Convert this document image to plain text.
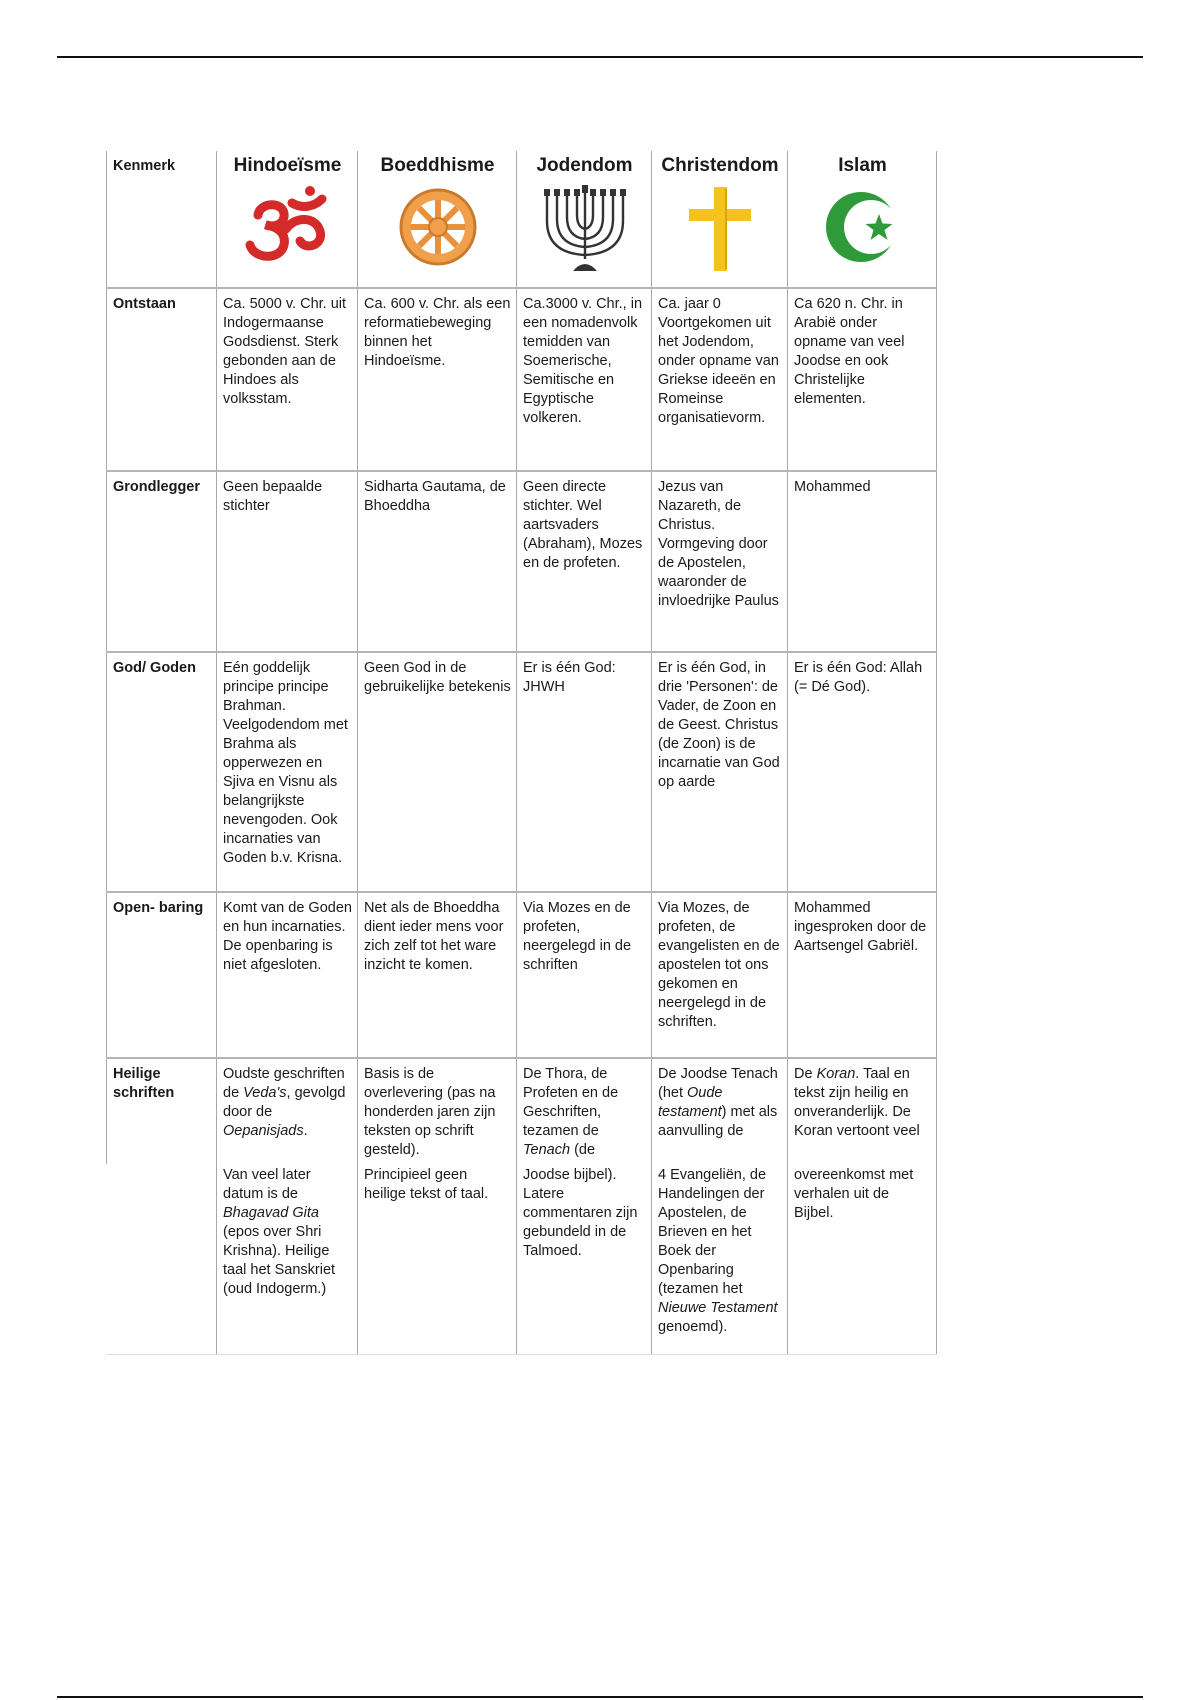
Kenmerk	Hindoeïsme	Boeddhisme	Jodendom	Christendom	Islam

Ontstaan	Ca. 5000 v. Chr. uit Indogermaanse Godsdienst. Sterk gebonden aan de Hindoes als volksstam.	Ca. 600 v. Chr. als een reformatiebeweging binnen het Hindoeïsme.	Ca.3000 v. Chr., in een nomadenvolk temidden van Soemerische, Semitische en Egyptische volkeren.	Ca. jaar 0 Voortgekomen uit het Jodendom, onder opname van Griekse ideeën en Romeinse organisatievorm.	Ca 620 n. Chr. in Arabië onder opname van veel Joodse en ook Christelijke elementen.
Grondlegger	Geen bepaalde stichter	Sidharta Gautama, de Bhoeddha	Geen directe stichter. Wel aartsvaders (Abraham), Mozes en de profeten.	Jezus van Nazareth, de Christus. Vormgeving door de Apostelen, waaronder de invloedrijke Paulus	Mohammed
God/ Goden	Eén goddelijk principe principe Brahman. Veelgodendom met Brahma als opperwezen en Sjiva en Visnu als belangrijkste nevengoden. Ook incarnaties van Goden b.v. Krisna.	Geen God in de gebruikelijke betekenis	Er is één God: JHWH	Er is één God, in drie 'Personen': de Vader, de Zoon en de Geest. Christus (de Zoon) is de incarnatie van God op aarde	Er is één God: Allah (= Dé God).
Open- baring	Komt van de Goden en hun incarnaties. De openbaring is niet afgesloten.	Net als de Bhoeddha dient ieder mens voor zich zelf tot het ware inzicht te komen.	Via Mozes en de profeten, neergelegd in de schriften	Via Mozes, de profeten, de evangelisten en de apostelen tot ons gekomen en neergelegd in de schriften.	Mohammed ingesproken door de Aartsengel Gabriël.
Heilige schriften	Oudste geschriften de Veda's, gevolgd door de Oepanisjads.	Basis is de overlevering (pas na honderden jaren zijn teksten op schrift gesteld).	De Thora, de Profeten en de Geschriften, tezamen de Tenach (de	De Joodse Tenach (het Oude testament) met als aanvulling de	De Koran. Taal en tekst zijn heilig en onveranderlijk. De Koran vertoont veel
	Van veel later datum is de Bhagavad Gita (epos over Shri Krishna). Heilige taal het Sanskriet (oud Indogerm.)	Principieel geen heilige tekst of taal.	Joodse bijbel). Latere commentaren zijn gebundeld in de Talmoed.	4 Evangeliën, de Handelingen der Apostelen, de Brieven en het Boek der Openbaring (tezamen het Nieuwe Testament genoemd).	overeenkomst met verhalen uit de Bijbel.
